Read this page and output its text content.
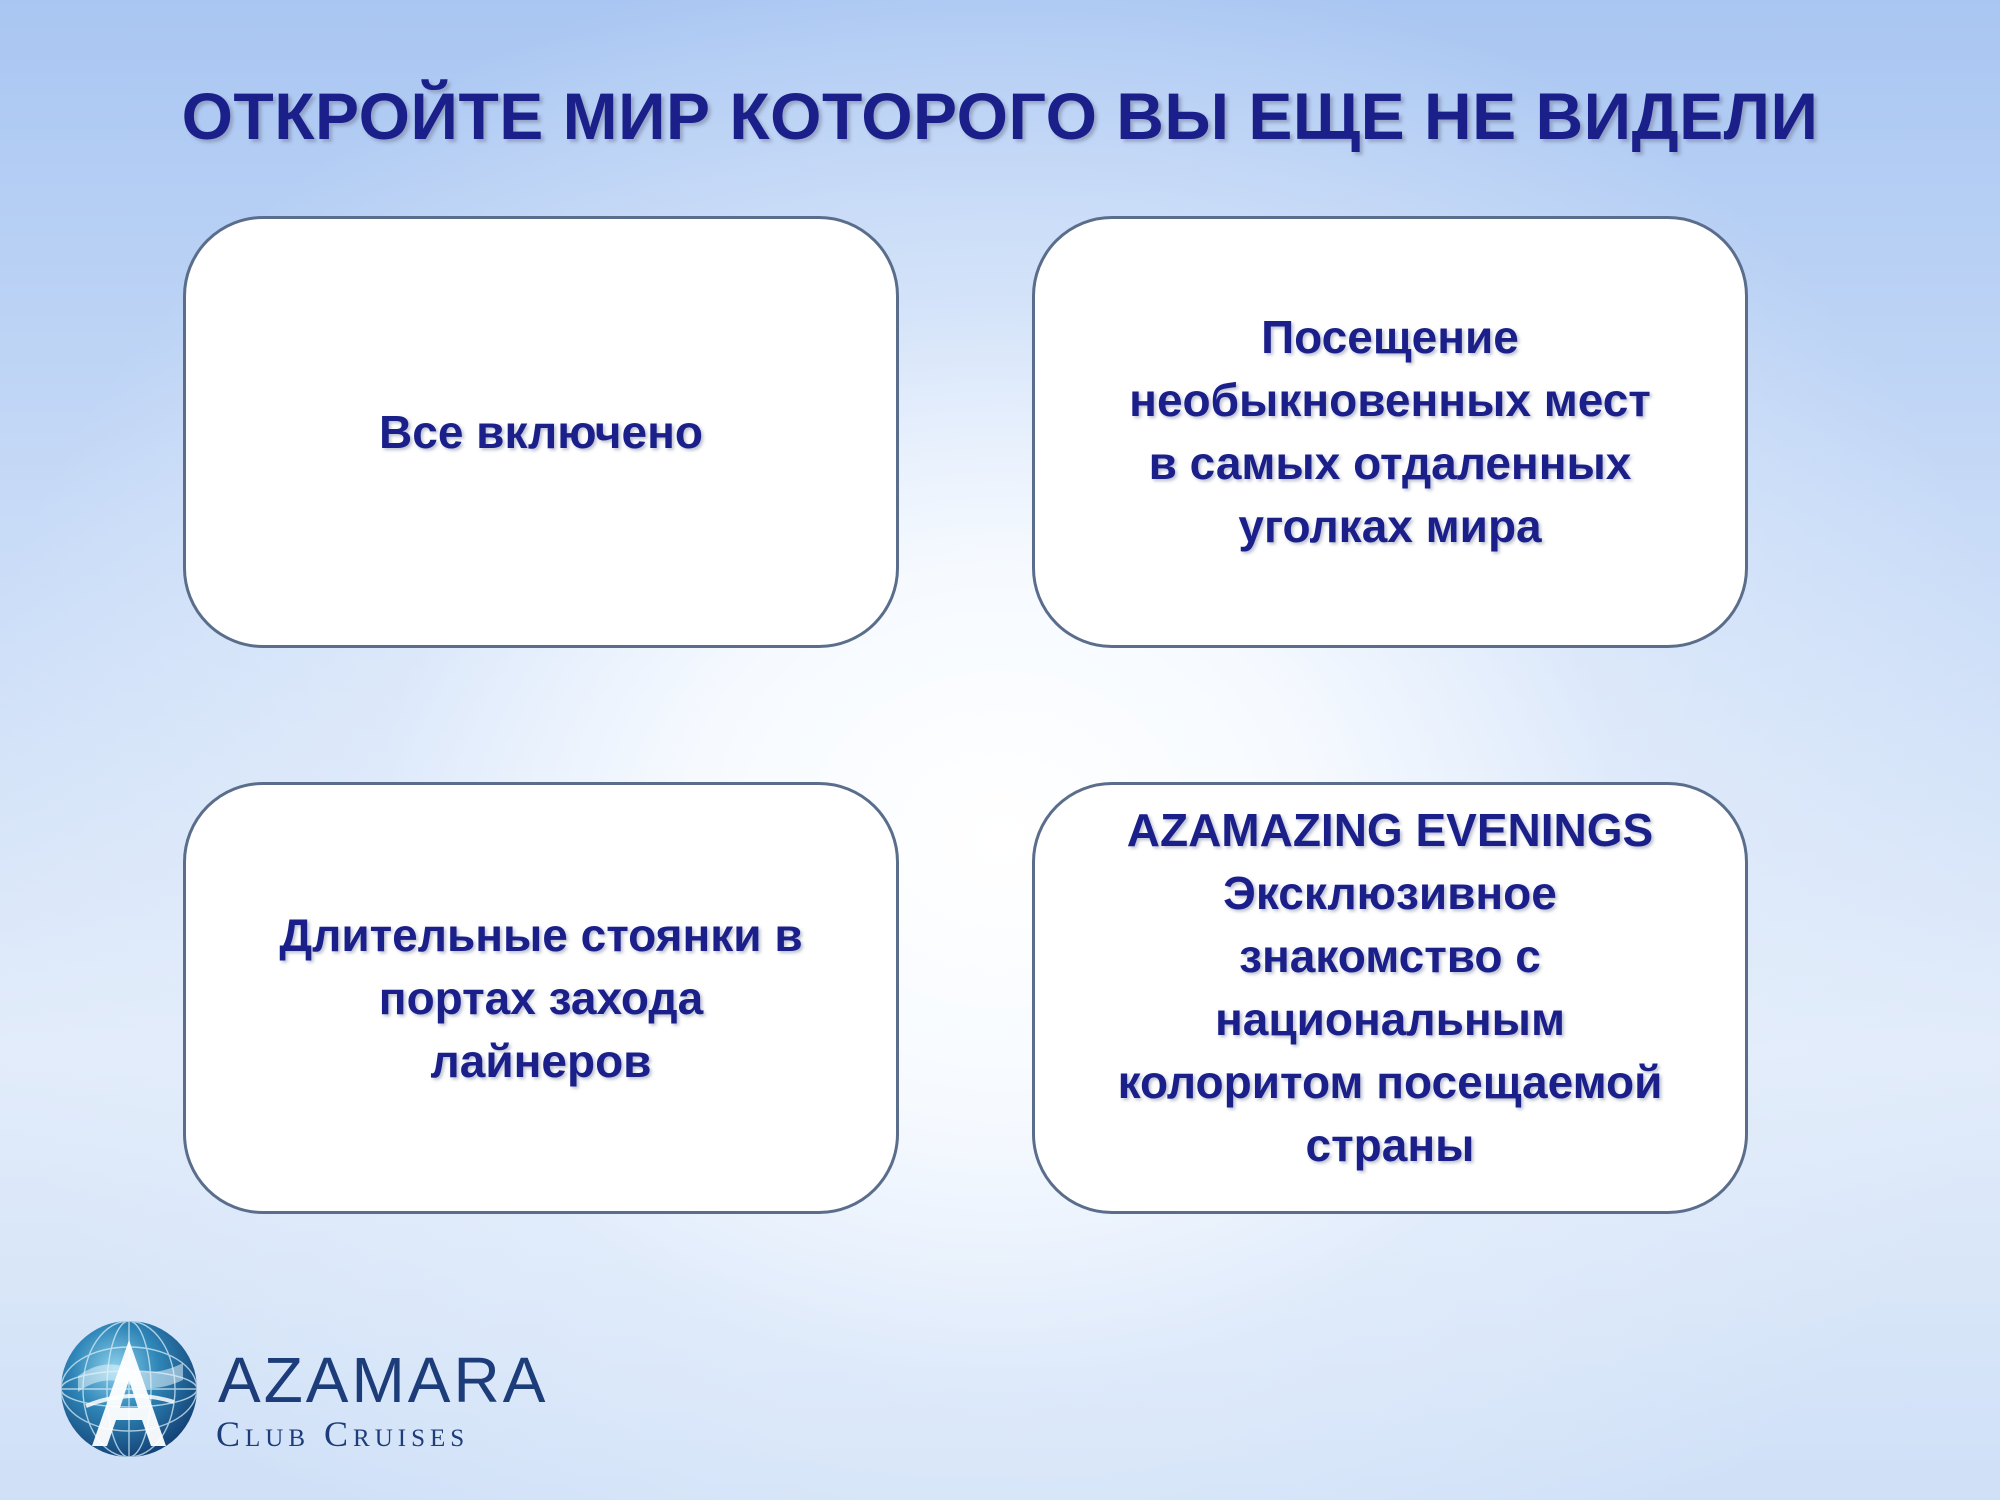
ОТКРОЙТЕ МИР КОТОРОГО ВЫ ЕЩЕ НЕ ВИДЕЛИ
Все включено
Посещение
необыкновенных мест
в самых отдаленных
уголках мира
Длительные стоянки в
портах захода
лайнеров
AZAMAZING EVENINGS
Эксклюзивное
знакомство с
национальным
колоритом посещаемой
страны
AZAMARA
Club Cruises
